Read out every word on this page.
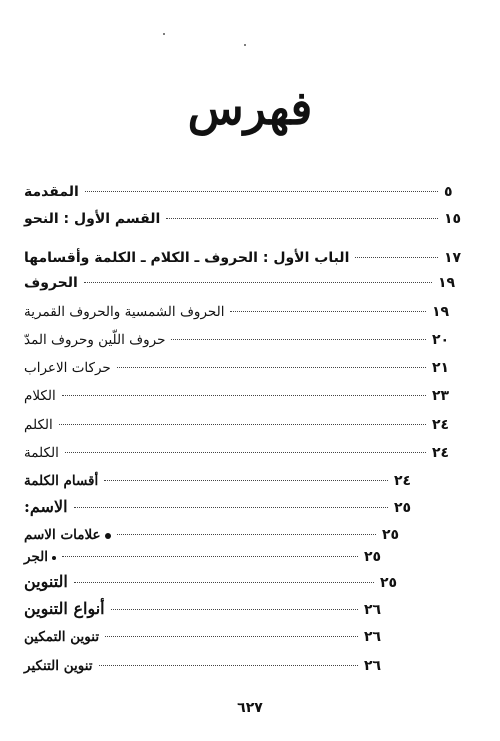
فهرس
المقدمة	٥
القسم الأول : النحو	١٥
الباب الأول : الحروف ـ الكلام ـ الكلمة وأقسامها	١٧
الحروف	١٩
الحروف الشمسية والحروف القمرية	١٩
حروف اللّين وحروف المدّ	٢٠
حركات الاعراب	٢١
الكلام	٢٣
الكلم	٢٤
الكلمة	٢٤
أقسام الكلمة	٢٤
الاسم:	٢٥
علامات الاسم	٢٥
الجر	٢٥
التنوين	٢٥
أنواع التنوين	٢٦
تنوين التمكين	٢٦
تنوين التنكير	٢٦
٦٢٧
